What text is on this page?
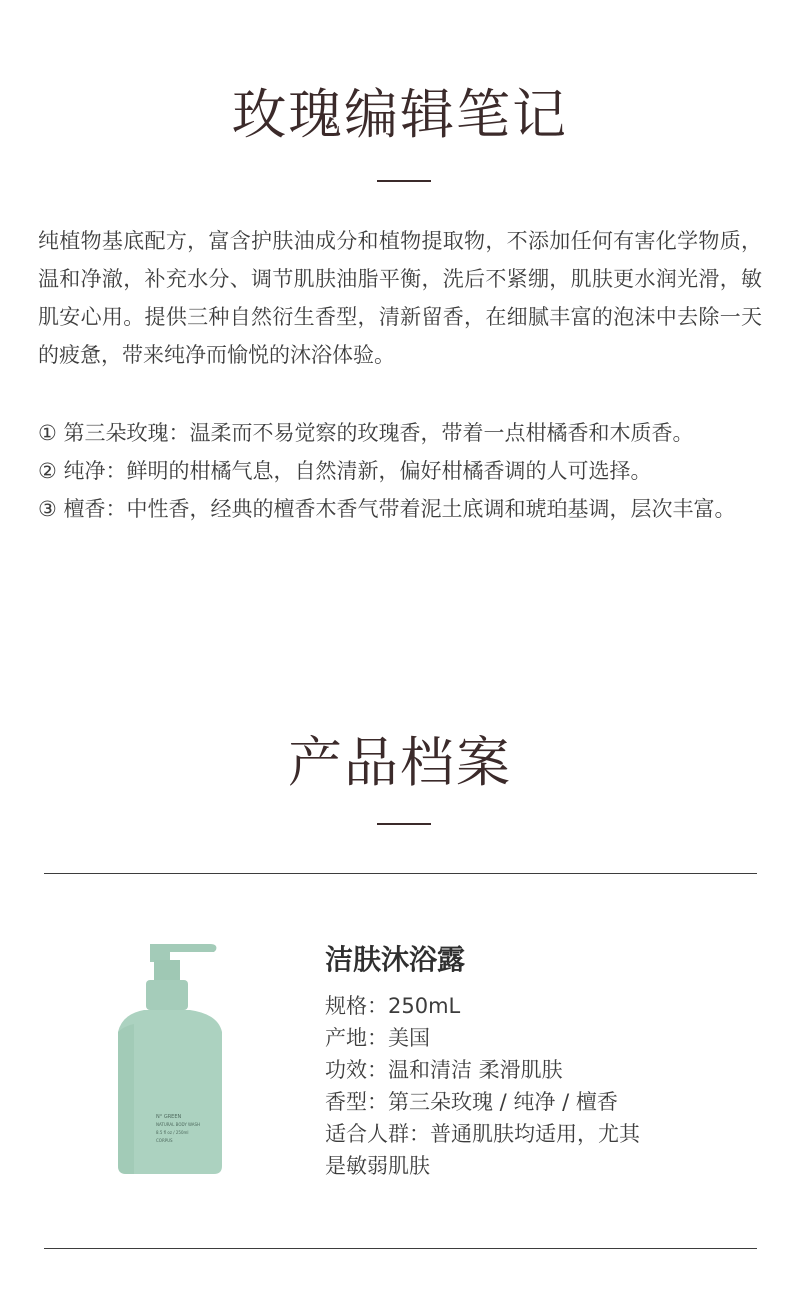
玫瑰编辑笔记

纯植物基底配方，富含护肤油成分和植物提取物，不添加任何有害化学物质，温和净澈，补充水分、调节肌肤油脂平衡，洗后不紧绷，肌肤更水润光滑，敏肌安心用。提供三种自然衍生香型，清新留香，在细腻丰富的泡沫中去除一天的疲惫，带来纯净而愉悦的沐浴体验。

① 第三朵玫瑰：温柔而不易觉察的玫瑰香，带着一点柑橘香和木质香。
② 纯净：鲜明的柑橘气息，自然清新，偏好柑橘香调的人可选择。
③ 檀香：中性香，经典的檀香木香气带着泥土底调和琥珀基调，层次丰富。
产品档案
N° GREEN
NATURAL BODY WASH
8.5 fl oz / 250ml
CORPUS
洁肤沐浴露
规格：250mL
产地：美国
功效：温和清洁 柔滑肌肤
香型：第三朵玫瑰 / 纯净 / 檀香
适合人群：普通肌肤均适用，尤其
是敏弱肌肤
